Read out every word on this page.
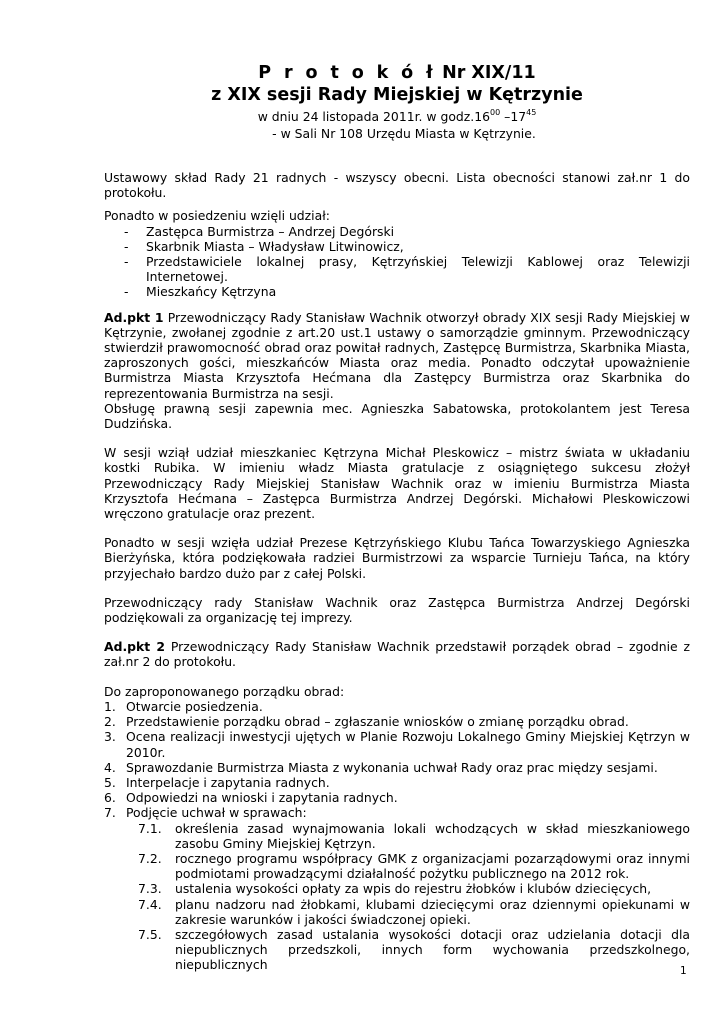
P r o t o k ó ł Nr XIX/11
z XIX sesji Rady Miejskiej w Kętrzynie
w dniu 24 listopada 2011r. w $godz.16^{00}$ $-17^{45}$
- w Sali Nr 108 Urzędu Miasta w Kętrzynie.

Ustawowy skład Rady 21 radnych - wszyscy obecni. Lista obecności stanowi zał.nr 1 do protokołu.

Ponadto w posiedzeniu wzięli udział:

- Zastępca Burmistrza – Andrzej Degórski
- Skarbnik Miasta – Władysław Litwinowicz,
- Przedstawiciele lokalnej prasy, Kętrzyńskiej Telewizji Kablowej oraz Telewizji Internetowej.
- Mieszkańcy Kętrzyna

Ad.pkt 1 Przewodniczący Rady Stanisław Wachnik otworzył obrady XIX sesji Rady Miejskiej w Kętrzynie, zwołanej zgodnie z art.20 ust.1 ustawy o samorządzie gminnym. Przewodniczący stwierdził prawomocność obrad oraz powitał radnych, Zastępcę Burmistrza, Skarbnika Miasta, zaproszonych gości, mieszkańców Miasta oraz media. Ponadto odczytał upoważnienie Burmistrza Miasta Krzysztofa Hećmana dla Zastępcy Burmistrza oraz Skarbnika do reprezentowania Burmistrza na sesji.

Obsługę prawną sesji zapewnia mec. Agnieszka Sabatowska, protokolantem jest Teresa Dudzińska.

W sesji wziął udział mieszkaniec Kętrzyna Michał Pleskowicz – mistrz świata w układaniu kostki Rubika. W imieniu władz Miasta gratulacje z osiągniętego sukcesu złożył Przewodniczący Rady Miejskiej Stanisław Wachnik oraz w imieniu Burmistrza Miasta Krzysztofa Hećmana – Zastępca Burmistrza Andrzej Degórski. Michałowi Pleskowiczowi wręczono gratulacje oraz prezent.

Ponadto w sesji wzięła udział Prezese Kętrzyńskiego Klubu Tańca Towarzyskiego Agnieszka Bierżyńska, która podziękowała radziei Burmistrzowi za wsparcie Turnieju Tańca, na który przyjechało bardzo dużo par z całej Polski.

Przewodniczący rady Stanisław Wachnik oraz Zastępca Burmistrza Andrzej Degórski podziękowali za organizację tej imprezy.

Ad.pkt 2 Przewodniczący Rady Stanisław Wachnik przedstawił porządek obrad – zgodnie z zał.nr 2 do protokołu.

Do zaproponowanego porządku obrad:

1. Otwarcie posiedzenia.
2. Przedstawienie porządku obrad – zgłaszanie wniosków o zmianę porządku obrad.
3. Ocena realizacji inwestycji ujętych w Planie Rozwoju Lokalnego Gminy Miejskiej Kętrzyn w 2010r.
4. Sprawozdanie Burmistrza Miasta z wykonania uchwał Rady oraz prac między sesjami.
5. Interpelacje i zapytania radnych.
6. Odpowiedzi na wnioski i zapytania radnych.
7. Podjęcie uchwał w sprawach:
7.1. określenia zasad wynajmowania lokali wchodzących w skład mieszkaniowego zasobu Gminy Miejskiej Kętrzyn.
7.2. rocznego programu współpracy GMK z organizacjami pozarządowymi oraz innymi podmiotami prowadzącymi działalność pożytku publicznego na 2012 rok.
7.3. ustalenia wysokości opłaty za wpis do rejestru żłobków i klubów dziecięcych,
7.4. planu nadzoru nad żłobkami, klubami dziecięcymi oraz dziennymi opiekunami w zakresie warunków i jakości świadczonej opieki.
7.5. szczegółowych zasad ustalania wysokości dotacji oraz udzielania dotacji dla niepublicznych przedszkoli, innych form wychowania przedszkolnego, niepublicznych	1
